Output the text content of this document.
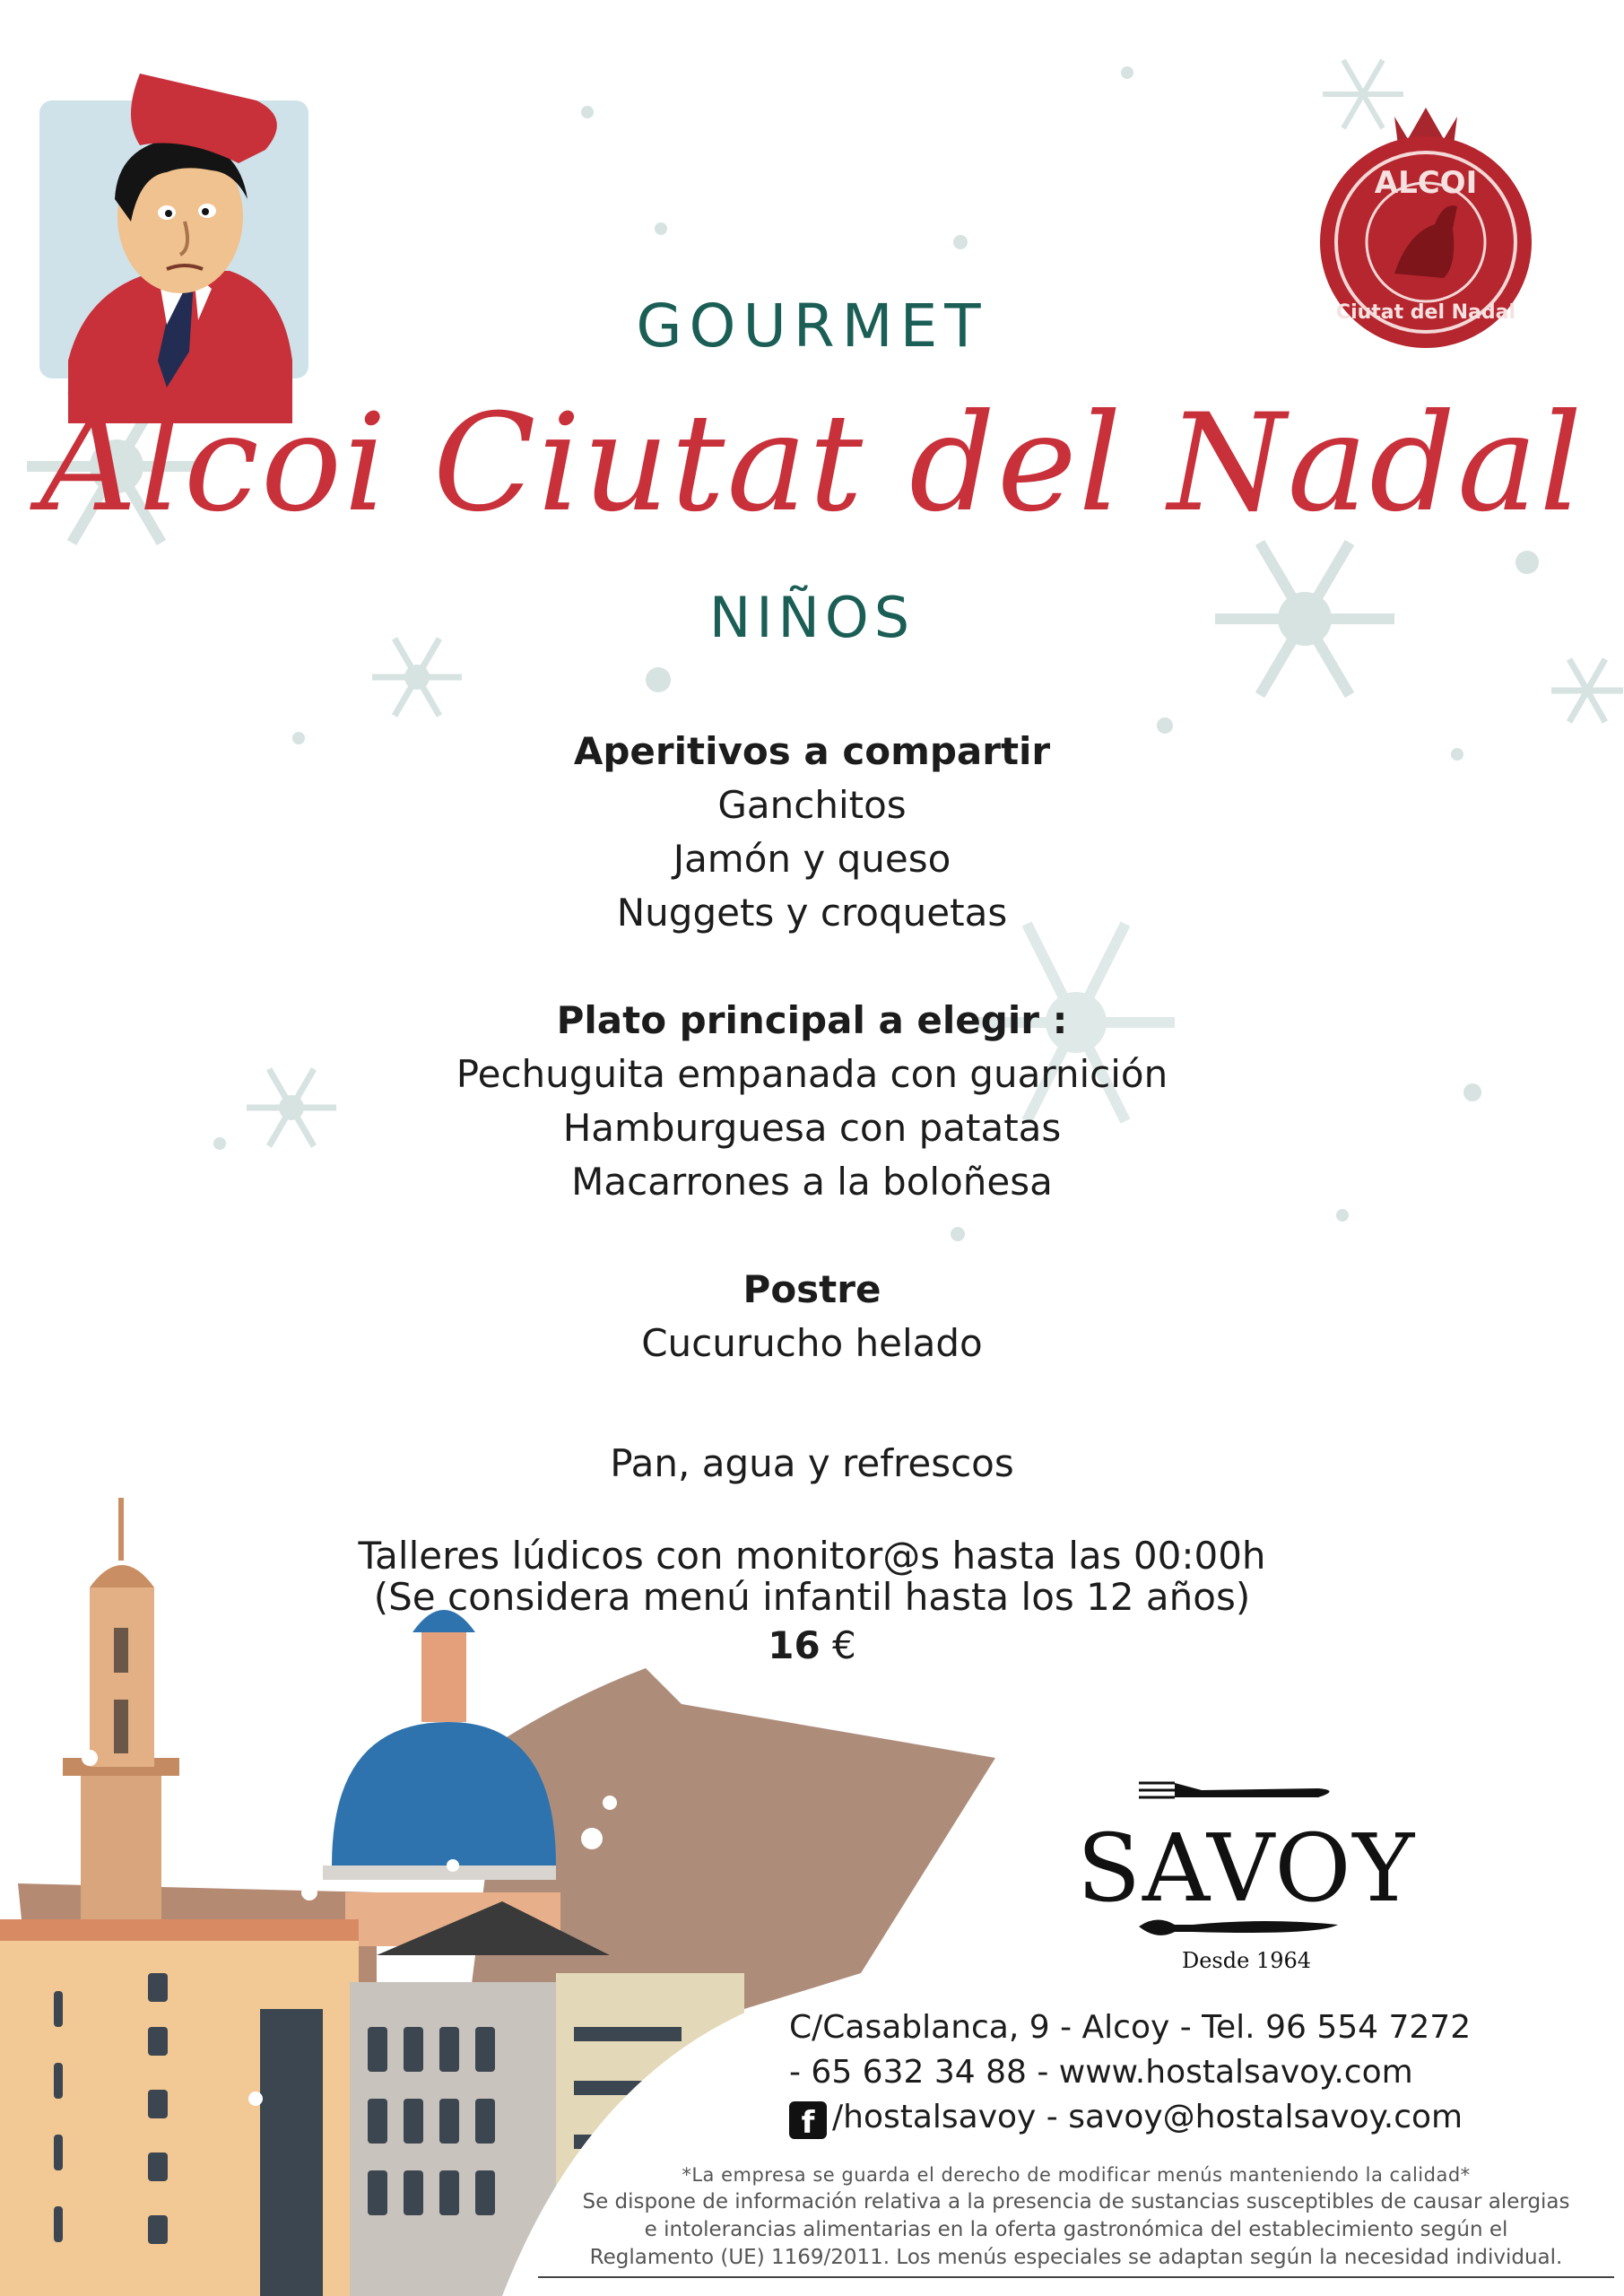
ALCOI
Ciutat del Nadal
GOURMET
Alcoi Ciutat del Nadal
NIÑOS
Aperitivos a compartir
Ganchitos
Jamón y queso
Nuggets y croquetas
Plato principal a elegir :
Pechuguita empanada con guarnición
Hamburguesa con patatas
Macarrones a la boloñesa
Postre
Cucurucho helado
Pan, agua y refrescos
Talleres lúdicos con monitor@s hasta las 00:00h
(Se considera menú infantil hasta los 12 años)
16 €
SAVOY
Desde 1964
C/Casablanca, 9 - Alcoy - Tel. 96 554 7272
- 65 632 34 88 - www.hostalsavoy.com
f /hostalsavoy - savoy@hostalsavoy.com
*La empresa se guarda el derecho de modificar menús manteniendo la calidad*
Se dispone de información relativa a la presencia de sustancias susceptibles de causar alergias
e intolerancias alimentarias en la oferta gastronómica del establecimiento según el
Reglamento (UE) 1169/2011. Los menús especiales se adaptan según la necesidad individual.
